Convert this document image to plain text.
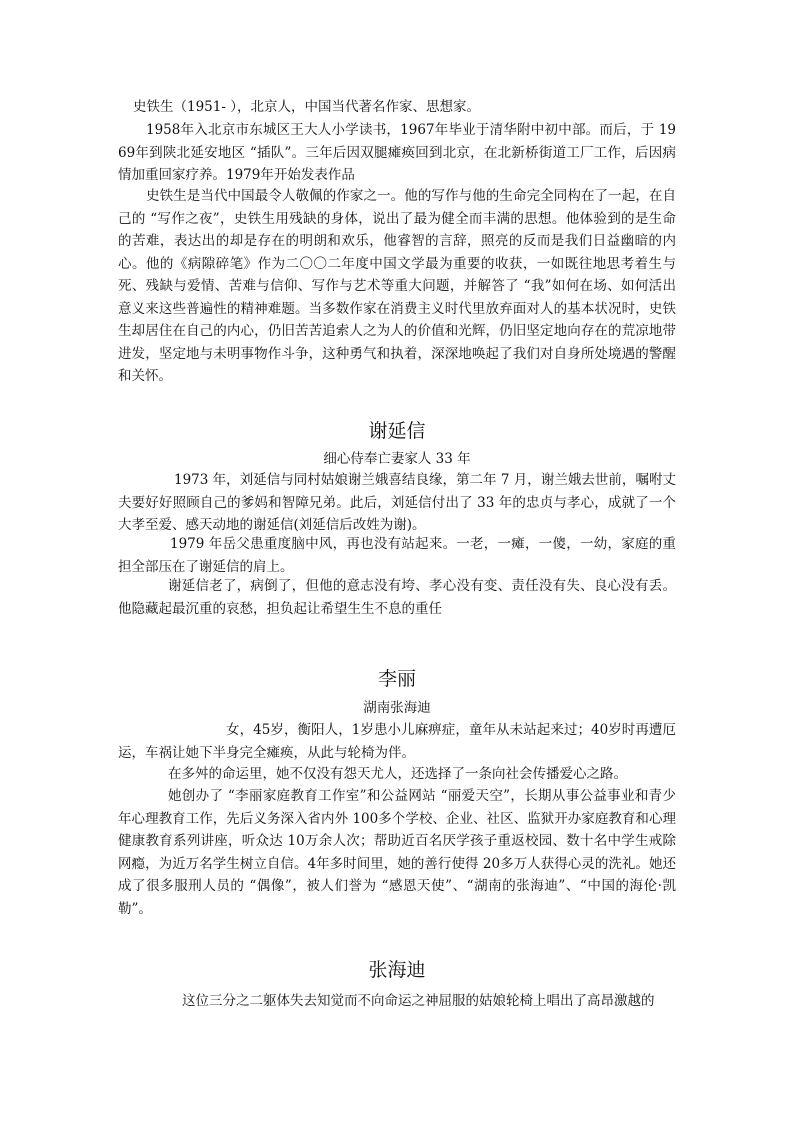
史铁生（1951- ），北京人，中国当代著名作家、思想家。

1958年入北京市东城区王大人小学读书，1967年毕业于清华附中初中部。而后，于 1969年到陕北延安地区 “插队”。三年后因双腿瘫痪回到北京，在北新桥街道工厂工作，后因病情加重回家疗养。1979年开始发表作品

史铁生是当代中国最令人敬佩的作家之一。他的写作与他的生命完全同构在了一起，在自己的 “写作之夜”，史铁生用残缺的身体，说出了最为健全而丰满的思想。他体验到的是生命的苦难，表达出的却是存在的明朗和欢乐，他睿智的言辞，照亮的反而是我们日益幽暗的内心。他的《病隙碎笔》作为二〇〇二年度中国文学最为重要的收获，一如既往地思考着生与死、残缺与爱情、苦难与信仰、写作与艺术等重大问题，并解答了 “我”如何在场、如何活出意义来这些普遍性的精神难题。当多数作家在消费主义时代里放弃面对人的基本状况时，史铁生却居住在自己的内心，仍旧苦苦追索人之为人的价值和光辉，仍旧坚定地向存在的荒凉地带进发，坚定地与未明事物作斗争，这种勇气和执着，深深地唤起了我们对自身所处境遇的警醒和关怀。

谢延信
细心侍奉亡妻家人 33 年

1973 年，刘延信与同村姑娘谢兰娥喜结良缘，第二年 7 月，谢兰娥去世前，嘱咐丈夫要好好照顾自己的爹妈和智障兄弟。此后，刘延信付出了 33 年的忠贞与孝心，成就了一个大孝至爱、感天动地的谢延信(刘延信后改姓为谢)。

1979 年岳父患重度脑中风，再也没有站起来。一老，一瘫，一傻，一幼，家庭的重担全部压在了谢延信的肩上。

谢延信老了，病倒了，但他的意志没有垮、孝心没有变、责任没有失、良心没有丢。他隐藏起最沉重的哀愁，担负起让希望生生不息的重任

李丽
湖南张海迪

女，45岁，衡阳人，1岁患小儿麻痹症，童年从未站起来过；40岁时再遭厄运，车祸让她下半身完全瘫痪，从此与轮椅为伴。

在多舛的命运里，她不仅没有怨天尤人，还选择了一条向社会传播爱心之路。

她创办了 “李丽家庭教育工作室”和公益网站 “丽爱天空”，长期从事公益事业和青少年心理教育工作，先后义务深入省内外 100多个学校、企业、社区、监狱开办家庭教育和心理健康教育系列讲座，听众达 10万余人次；帮助近百名厌学孩子重返校园、数十名中学生戒除网瘾，为近万名学生树立自信。4年多时间里，她的善行使得 20多万人获得心灵的洗礼。她还成了很多服刑人员的 “偶像”，被人们誉为 “感恩天使”、“湖南的张海迪”、“中国的海伦·凯勒”。

张海迪

这位三分之二躯体失去知觉而不向命运之神屈服的姑娘轮椅上唱出了高昂激越的
